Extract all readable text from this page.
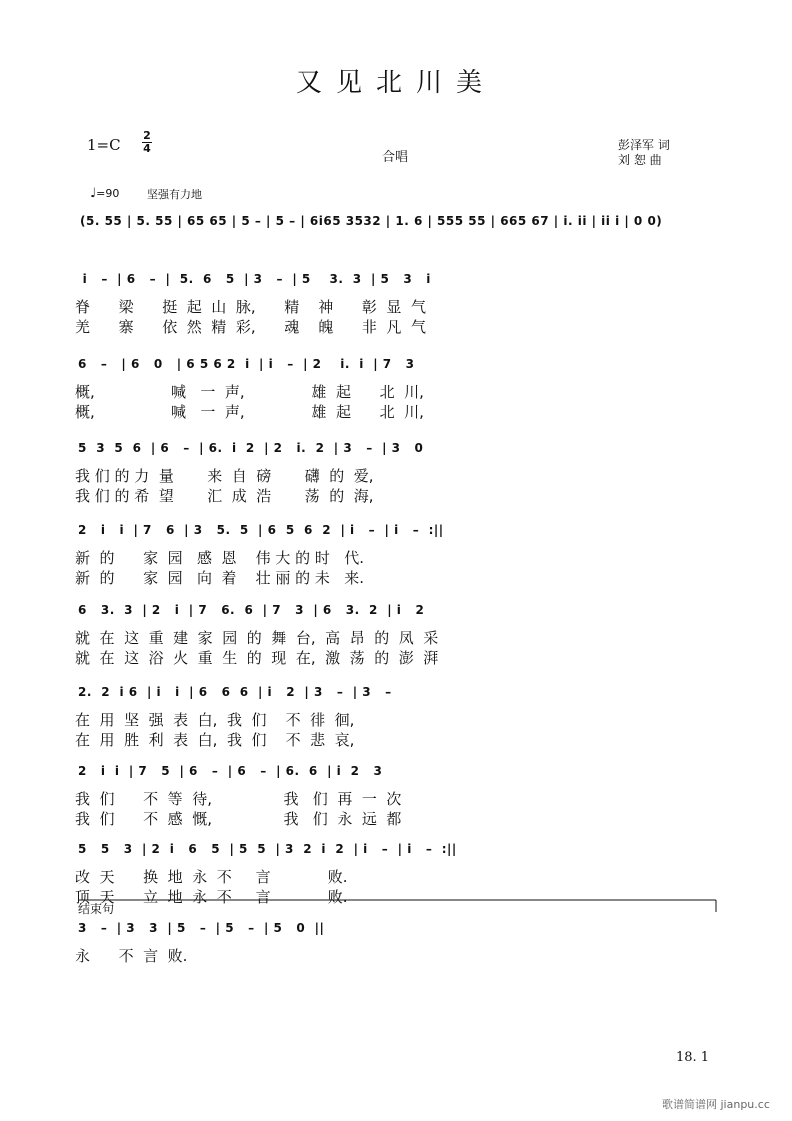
又见北川美
1=C
2
4
合唱
彭泽军 词
刘 恕 曲
♩=90	坚强有力地
(5. 55 | 5. 55 | 65 65 | 5 – | 5 – | 6i65 3532 | 1. 6 | 555 55 | 665 67 | i. ii | ii i | 0 0)
i   –  | 6   –  |  5.  6   5  | 3   –  | 5    3.  3  | 5   3   i
脊      梁      挺  起  山  脉,      精    神      彰  显  气
羌      寨      依  然  精  彩,      魂    魄      非  凡  气
6   –   | 6   0   | 6 5 6 2  i  | i   –  | 2    i.  i  | 7   3
概,                喊   一  声,              雄  起      北  川,
概,                喊   一  声,              雄  起      北  川,
5  3  5  6  | 6   –  | 6.  i  2  | 2   i.  2  | 3   –  | 3   0
我 们 的 力  量       来  自  磅       礴  的  爱,
我 们 的 希  望       汇  成  浩       荡  的  海,
2   i   i  | 7   6  | 3   5.  5  | 6  5  6  2  | i   –  | i   –  :||
新  的      家  园   感  恩    伟 大 的 时   代.
新  的      家  园   向  着    壮 丽 的 未   来.
6   3.  3  | 2   i  | 7   6.  6  | 7   3  | 6   3.  2  | i   2
就  在  这  重  建  家  园  的  舞  台,  高  昂  的  凤  采
就  在  这  浴  火  重  生  的  现  在,  激  荡  的  澎  湃
2.  2  i 6  | i   i  | 6   6  6  | i   2  | 3   –  | 3   –
在  用  坚  强  表  白,  我  们    不  徘  徊,
在  用  胜  利  表  白,  我  们    不  悲  哀,
2   i  i  | 7   5  | 6   –  | 6   –  | 6.  6  | i  2   3
我  们      不  等  待,               我   们  再  一  次
我  们      不  感  慨,               我   们  永  远  都
5   5   3  | 2  i   6   5  | 5  5  | 3  2  i  2  | i   –  | i   –  :||
改  天      换  地  永  不     言            败.
顶  天      立  地  永  不     言            败.
3   –  | 3   3  | 5   –  | 5   –  | 5   0  ||
永      不  言  败.
结束句
18. 1
歌谱简谱网 jianpu.cc
